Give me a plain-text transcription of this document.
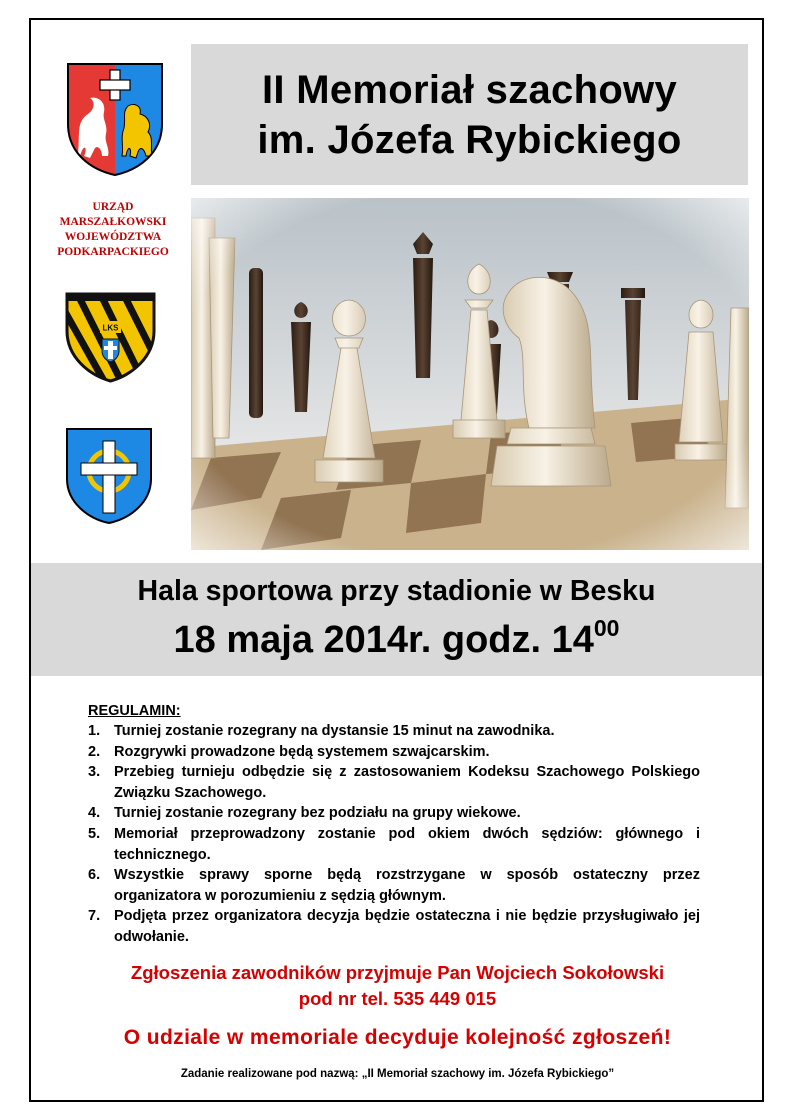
URZĄD
MARSZAŁKOWSKI
WOJEWÓDZTWA
PODKARPACKIEGO
LKS
II Memoriał szachowy
im. Józefa Rybickiego
Hala sportowa przy stadionie w Besku
18 maja 2014r. godz. $14^{00}$
REGULAMIN:
1. Turniej zostanie rozegrany na dystansie 15 minut na zawodnika.
2. Rozgrywki prowadzone będą systemem szwajcarskim.
3. Przebieg turnieju odbędzie się z zastosowaniem Kodeksu Szachowego Polskiego Związku Szachowego.
4. Turniej zostanie rozegrany bez podziału na grupy wiekowe.
5. Memoriał przeprowadzony zostanie pod okiem dwóch sędziów: głównego i technicznego.
6. Wszystkie sprawy sporne będą rozstrzygane w sposób ostateczny przez organizatora w porozumieniu z sędzią głównym.
7. Podjęta przez organizatora decyzja będzie ostateczna i nie będzie przysługiwało jej odwołanie.
Zgłoszenia zawodników przyjmuje Pan Wojciech Sokołowski
pod nr tel. 535 449 015
O udziale w memoriale decyduje kolejność zgłoszeń!
Zadanie realizowane pod nazwą: „II Memoriał szachowy im. Józefa Rybickiego”
